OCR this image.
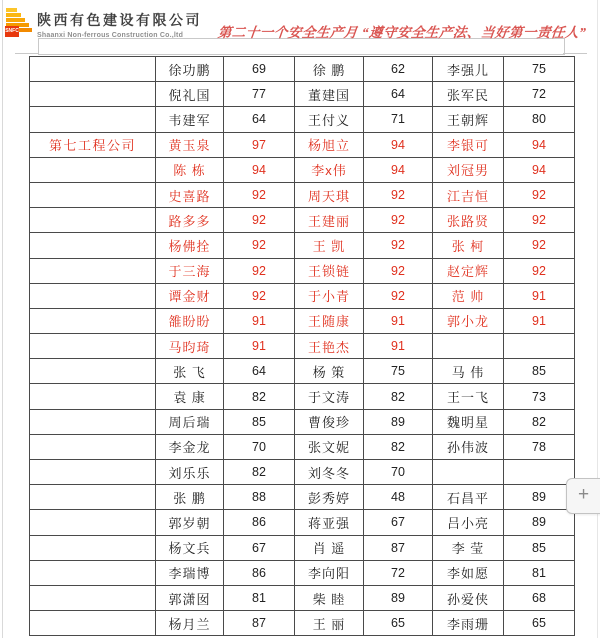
SNFC
陕西有色建设有限公司
Shaanxi Non-ferrous Construction Co.,ltd	第二十一个安全生产月 “遵守安全生产法、当好第一责任人”
	徐功鹏	69	徐 鹏	62	李强儿	75
	倪礼国	77	董建国	64	张军民	72
	韦建军	64	王付义	71	王朝辉	80
第七工程公司	黄玉泉	97	杨旭立	94	李银可	94
	陈 栋	94	李x伟	94	刘冠男	94
	史喜路	92	周天琪	92	江吉恒	92
	路多多	92	王建丽	92	张路贤	92
	杨佛拴	92	王 凯	92	张 柯	92
	于三海	92	王锁链	92	赵定辉	92
	谭金财	92	于小青	92	范 帅	91
	雒盼盼	91	王随康	91	郭小龙	91
	马昀琦	91	王艳杰	91		
	张 飞	64	杨 策	75	马 伟	85
	袁 康	82	于文涛	82	王一飞	73
	周后瑞	85	曹俊珍	89	魏明星	82
	李金龙	70	张文妮	82	孙伟波	78
	刘乐乐	82	刘冬冬	70		
	张 鹏	88	彭秀婷	48	石昌平	89
	郭岁朝	86	蒋亚强	67	吕小亮	89
	杨文兵	67	肖 遥	87	李 莹	85
	李瑞博	86	李向阳	72	李如愿	81
	郭潇囡	81	柴 睦	89	孙爱侠	68
	杨月兰	87	王 丽	65	李雨珊	65
+
